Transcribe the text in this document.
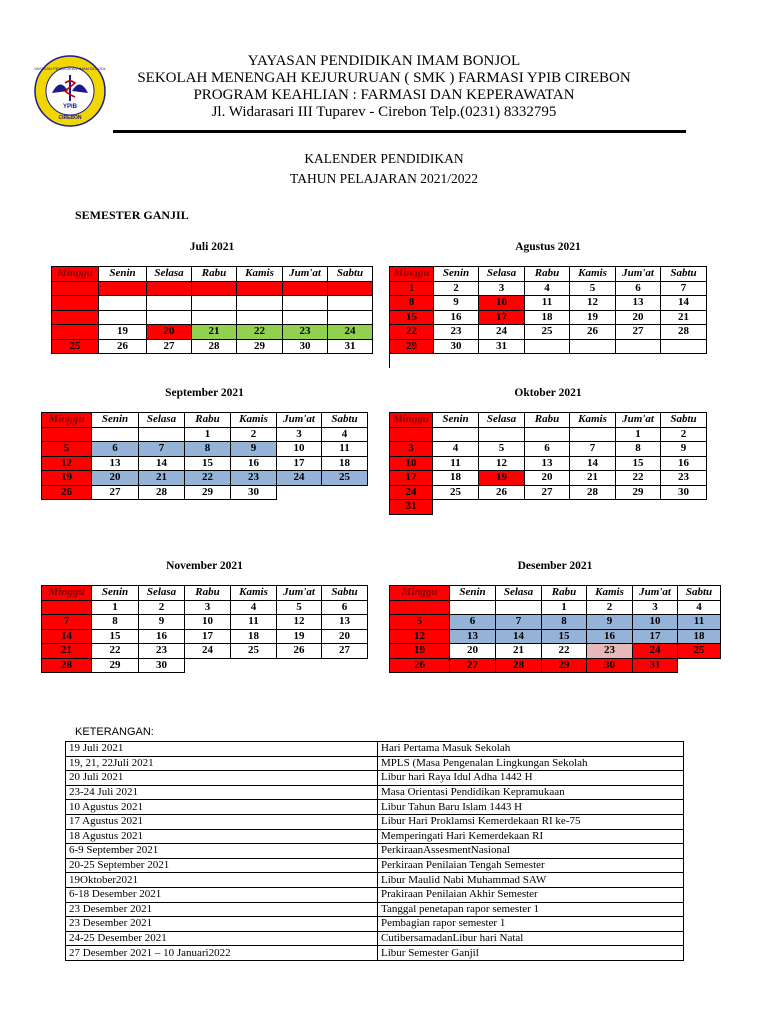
YAYASAN PENDIDIKAN IMAM BONJOL
YPIB
CIREBON
YAYASAN PENDIDIKAN IMAM BONJOL
SEKOLAH MENENGAH KEJURURUAN ( SMK ) FARMASI YPIB CIREBON
PROGRAM KEAHLIAN : FARMASI DAN KEPERAWATAN
Jl. Widarasari III Tuparev - Cirebon Telp.(0231) 8332795
KALENDER PENDIDIKAN
TAHUN PELAJARAN 2021/2022
SEMESTER GANJIL
Juli 2021
Minggu	Senin	Selasa	Rabu	Kamis	Jum'at	Sabtu

	19	20	21	22	23	24
25	26	27	28	29	30	31
Agustus 2021
Minggu	Senin	Selasa	Rabu	Kamis	Jum'at	Sabtu
1	2	3	4	5	6	7
8	9	10	11	12	13	14
15	16	17	18	19	20	21
22	23	24	25	26	27	28
29	30	31				
September 2021
Minggu	Senin	Selasa	Rabu	Kamis	Jum'at	Sabtu
			1	2	3	4
5	6	7	8	9	10	11
12	13	14	15	16	17	18
19	20	21	22	23	24	25
26	27	28	29	30		
Oktober 2021
Minggu	Senin	Selasa	Rabu	Kamis	Jum'at	Sabtu
					1	2
3	4	5	6	7	8	9
10	11	12	13	14	15	16
17	18	19	20	21	22	23
24	25	26	27	28	29	30
31						
November 2021
Minggu	Senin	Selasa	Rabu	Kamis	Jum'at	Sabtu
	1	2	3	4	5	6
7	8	9	10	11	12	13
14	15	16	17	18	19	20
21	22	23	24	25	26	27
28	29	30				
Desember 2021
Minggu	Senin	Selasa	Rabu	Kamis	Jum'at	Sabtu
			1	2	3	4
5	6	7	8	9	10	11
12	13	14	15	16	17	18
19	20	21	22	23	24	25
26	27	28	29	30	31	
KETERANGAN:
19 Juli 2021	Hari Pertama Masuk Sekolah
19, 21, 22Juli 2021	MPLS (Masa Pengenalan Lingkungan Sekolah
20 Juli 2021	Libur hari Raya Idul Adha 1442 H
23-24 Juli 2021	Masa Orientasi Pendidikan Kepramukaan
10 Agustus 2021	Libur Tahun Baru Islam 1443 H
17 Agustus 2021	Libur Hari Proklamsi Kemerdekaan RI ke-75
18 Agustus 2021	Memperingati Hari Kemerdekaan RI
6-9 September 2021	PerkiraanAssesmentNasional
20-25 September 2021	Perkiraan Penilaian Tengah Semester
19Oktober2021	Libur Maulid Nabi Muhammad SAW
6-18 Desember 2021	Prakiraan Penilaian Akhir Semester
23 Desember 2021	Tanggal penetapan rapor semester 1
23 Desember 2021	Pembagian rapor semester 1
24-25 Desember 2021	CutibersamadanLibur hari Natal
27 Desember 2021 – 10 Januari2022	Libur Semester Ganjil
